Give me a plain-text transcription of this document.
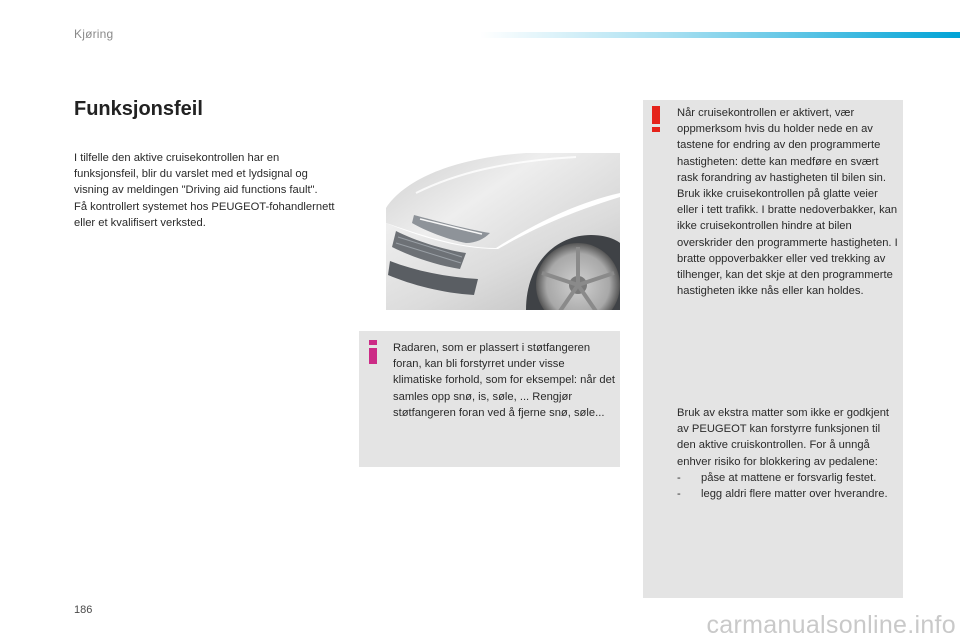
Kjøring
Funksjonsfeil

I tilfelle den aktive cruisekontrollen har en funksjonsfeil, blir du varslet med et lydsignal og visning av meldingen "Driving aid functions fault".

Få kontrollert systemet hos PEUGEOT-fohandlernett eller et kvalifisert verksted.

Radaren, som er plassert i støtfangeren foran, kan bli forstyrret under visse klimatiske forhold, som for eksempel: når det samles opp snø, is, søle, ... Rengjør støtfangeren foran ved å fjerne snø, søle...
Når cruisekontrollen er aktivert, vær oppmerksom hvis du holder nede en av tastene for endring av den programmerte hastigheten: dette kan medføre en svært rask forandring av hastigheten til bilen sin. Bruk ikke cruisekontrollen på glatte veier eller i tett trafikk. I bratte nedoverbakker, kan ikke cruisekontrollen hindre at bilen overskrider den programmerte hastigheten. I bratte oppoverbakker eller ved trekking av tilhenger, kan det skje at den programmerte hastigheten ikke nås eller kan holdes.

Bruk av ekstra matter som ikke er godkjent av PEUGEOT kan forstyrre funksjonen til den aktive cruiskontrollen. For å unngå enhver risiko for blokkering av pedalene:

- påse at mattene er forsvarlig festet.
- legg aldri flere matter over hverandre.
186
carmanualsonline.info
